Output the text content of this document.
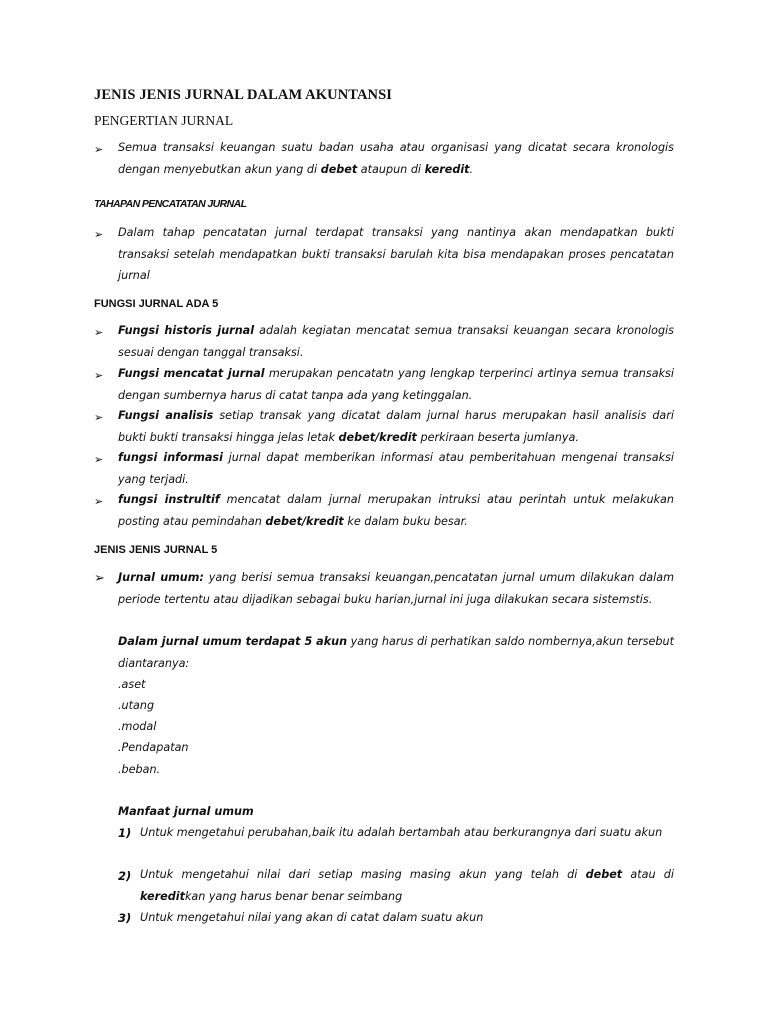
JENIS JENIS JURNAL DALAM AKUNTANSI
PENGERTIAN JURNAL
➢ Semua transaksi keuangan suatu badan usaha atau organisasi yang dicatat secara kronologis dengan menyebutkan akun yang di debet ataupun di keredit.
TAHAPAN PENCATATAN JURNAL
➢ Dalam tahap pencatatan jurnal terdapat transaksi yang nantinya akan mendapatkan bukti transaksi setelah mendapatkan bukti transaksi barulah kita bisa mendapakan proses pencatatan jurnal
FUNGSI JURNAL ADA 5
➢ Fungsi historis jurnal adalah kegiatan mencatat semua transaksi keuangan secara kronologis sesuai dengan tanggal transaksi.
➢ Fungsi mencatat jurnal merupakan pencatatn yang lengkap terperinci artinya semua transaksi dengan sumbernya harus di catat tanpa ada yang ketinggalan.
➢ Fungsi analisis setiap transak yang dicatat dalam jurnal harus merupakan hasil analisis dari bukti bukti transaksi hingga jelas letak debet/kredit perkiraan beserta jumlanya.
➢ fungsi informasi jurnal dapat memberikan informasi atau pemberitahuan mengenai transaksi yang terjadi.
➢ fungsi instrultif mencatat dalam jurnal merupakan intruksi atau perintah untuk melakukan posting atau pemindahan debet/kredit ke dalam buku besar.
JENIS JENIS JURNAL 5
➢ Jurnal umum: yang berisi semua transaksi keuangan,pencatatan jurnal umum dilakukan dalam periode tertentu atau dijadikan sebagai buku harian,jurnal ini juga dilakukan secara sistemstis.
Dalam jurnal umum terdapat 5 akun yang harus di perhatikan saldo nombernya,akun tersebut diantaranya:
.aset
.utang
.modal
.Pendapatan
.beban.
Manfaat jurnal umum
1) Untuk mengetahui perubahan,baik itu adalah bertambah atau berkurangnya dari suatu akun
2) Untuk mengetahui nilai dari setiap masing masing akun yang telah di debet atau di kereditkan yang harus benar benar seimbang
3) Untuk mengetahui nilai yang akan di catat dalam suatu akun
